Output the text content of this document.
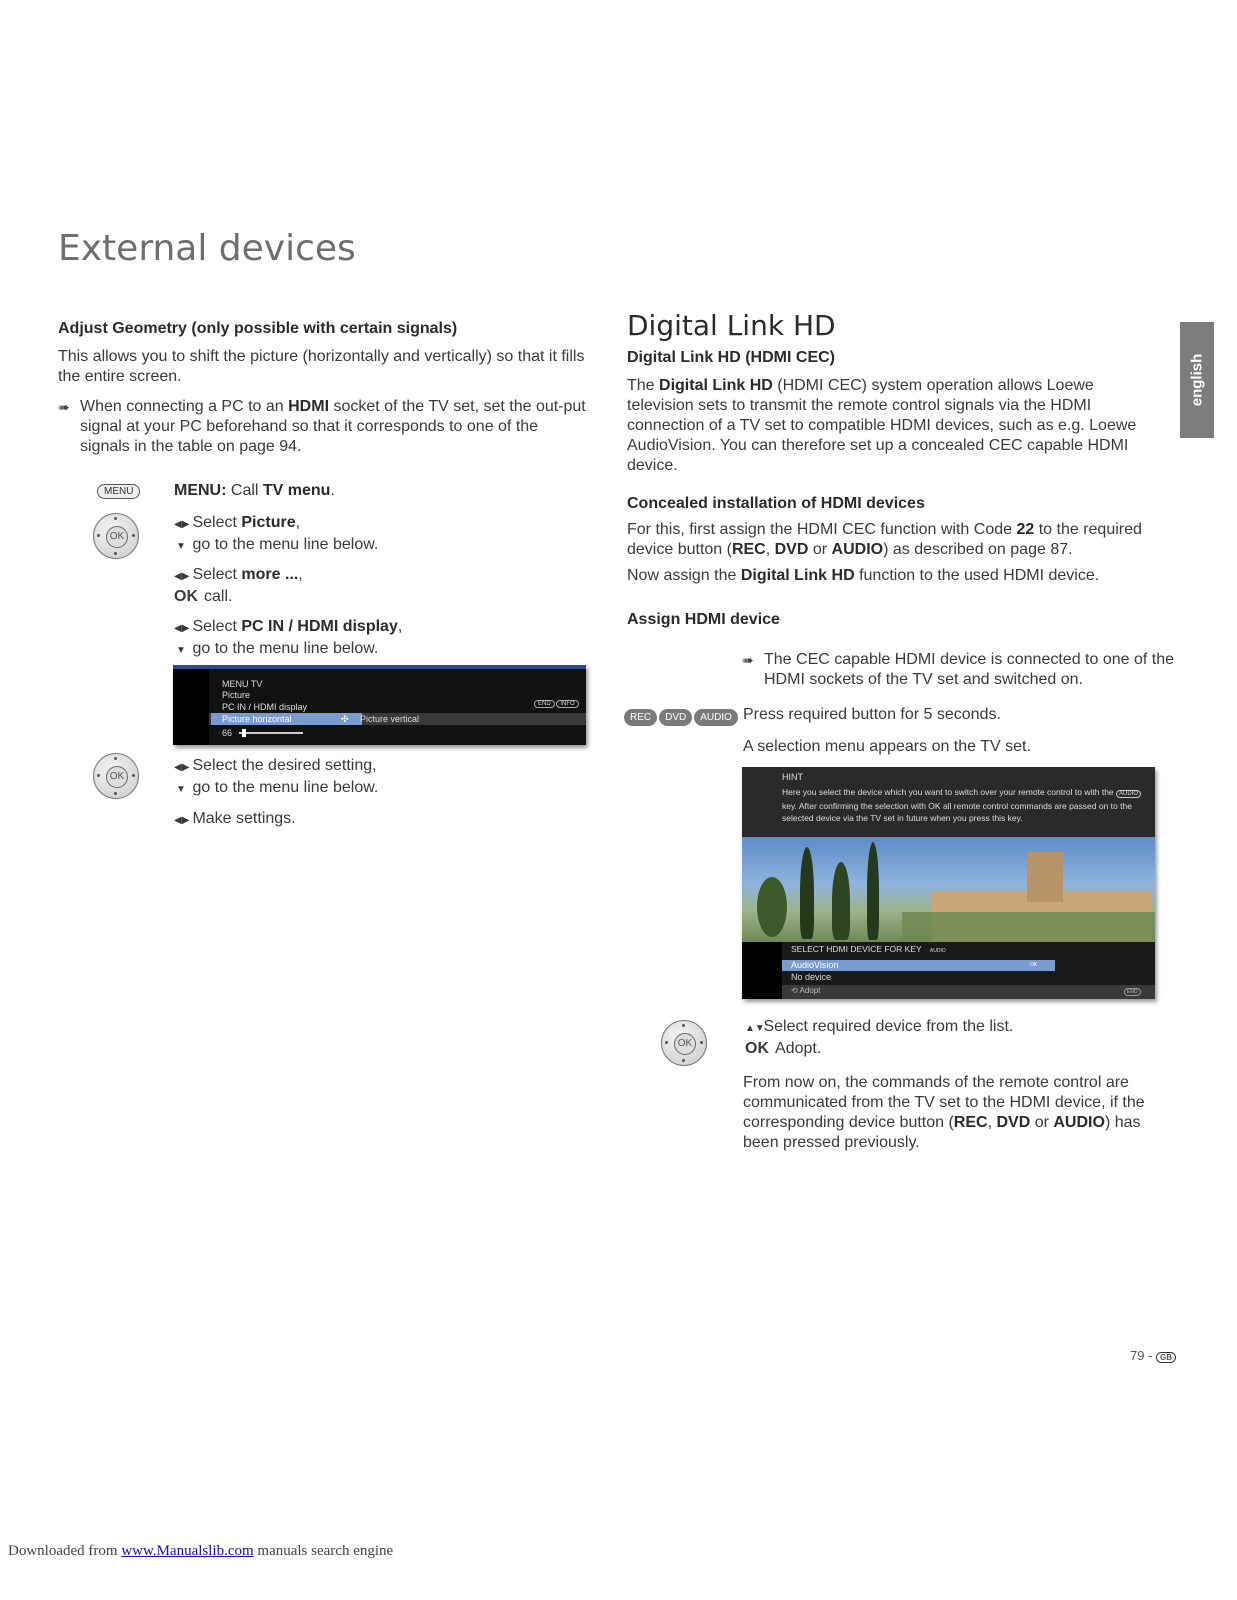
External devices
english
Adjust Geometry (only possible with certain signals)

This allows you to shift the picture (horizontally and vertically) so that it fills the entire screen.

➠ When connecting a PC to an HDMI socket of the TV set, set the out-put signal at your PC beforehand so that it corresponds to one of the signals in the table on page 94.
MENU	MENU: Call TV menu.
OK
◀▶ Select Picture,
▼ go to the menu line below.
◀▶ Select more ...,
OK call.
◀▶ Select PC IN / HDMI display,
▼ go to the menu line below.
MENU TV
Picture
PC IN / HDMI display	END INFO
Picture horizontal	✣ Picture vertical
66
OK
◀▶ Select the desired setting,
▼ go to the menu line below.
◀▶ Make settings.
Digital Link HD
Digital Link HD (HDMI CEC)

The Digital Link HD (HDMI CEC) system operation allows Loewe television sets to transmit the remote control signals via the HDMI connection of a TV set to compatible HDMI devices, such as e.g. Loewe AudioVision. You can therefore set up a concealed CEC capable HDMI device.

Concealed installation of HDMI devices

For this, first assign the HDMI CEC function with Code 22 to the required device button (REC, DVD or AUDIO) as described on page 87.

Now assign the Digital Link HD function to the used HDMI device.

Assign HDMI device
➠ The CEC capable HDMI device is connected to one of the HDMI sockets of the TV set and switched on.
REC DVD AUDIO Press required button for 5 seconds.
A selection menu appears on the TV set.
HINT
Here you select the device which you want to switch over your remote control to with the AUDIO key. After confirming the selection with OK all remote control commands are passed on to the selected device via the TV set in future when you press this key.
SELECT HDMI DEVICE FOR KEY AUDIO
AudioVision	OK
No device
⟲ Adopt	END
OK
▲▼ Select required device from the list.
OK Adopt.
From now on, the commands of the remote control are communicated from the TV set to the HDMI device, if the corresponding device button (REC, DVD or AUDIO) has been pressed previously.
79 - GB
Downloaded from www.Manualslib.com manuals search engine
